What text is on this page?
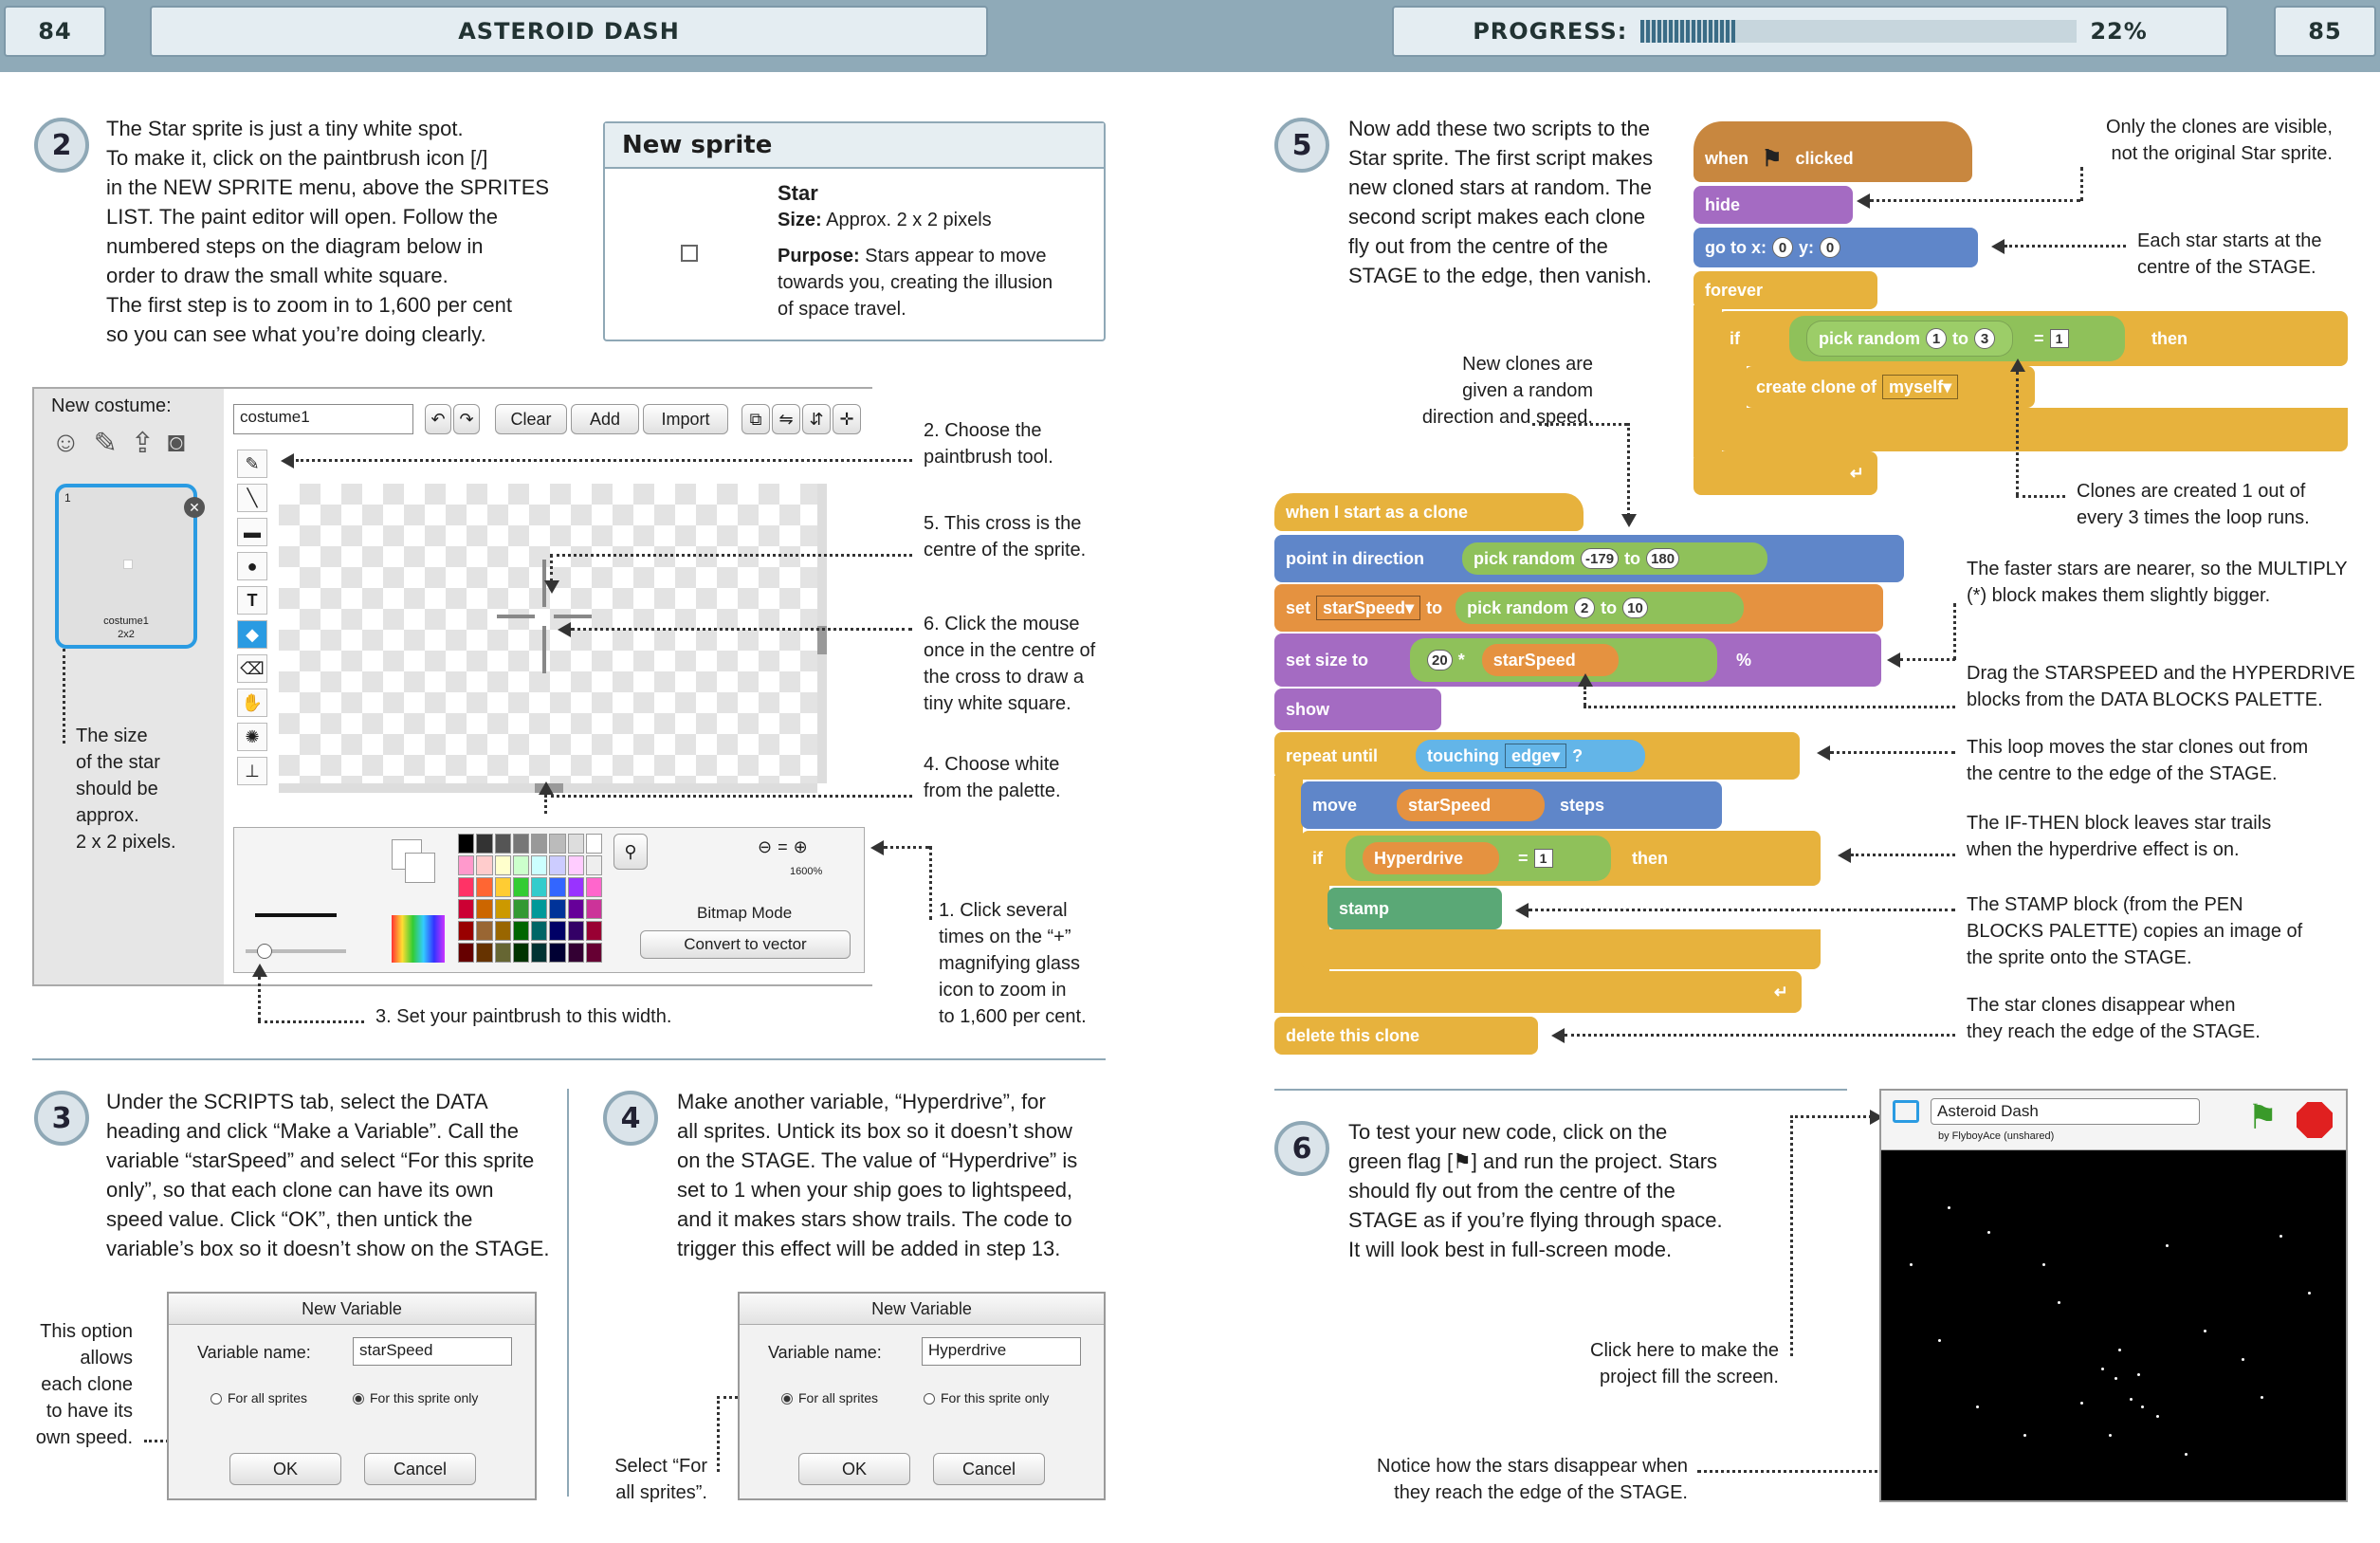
84	ASTEROID DASH	PROGRESS:	22%	85
2	The Star sprite is just a tiny white spot.
To make it, click on the paintbrush icon [/]
in the NEW SPRITE menu, above the SPRITES
LIST. The paint editor will open. Follow the
numbered steps on the diagram below in
order to draw the small white square.
The first step is to zoom in to 1,600 per cent
so you can see what you’re doing clearly.
New sprite
Star
Size: Approx. 2 x 2 pixels
Purpose: Stars appear to move
towards you, creating the illusion
of space travel.
New costume:
☺ ✎ ⇪ ◙
1
costume1
2x2
✕
costume1	↶ ↷	Clear	Add	Import	⧉	⇋ ⇵ ✛
✎
╲
▬
●
T
◆
⌫
✋
✺
⊥
⚲	⊖ = ⊕
1600%
Bitmap Mode
Convert to vector
2. Choose the
paintbrush tool.
5. This cross is the
centre of the sprite.
6. Click the mouse
once in the centre of
the cross to draw a
tiny white square.
4. Choose white
from the palette.
1. Click several
times on the “+”
magnifying glass
icon to zoom in
to 1,600 per cent.
3. Set your paintbrush to this width.
The size
of the star
should be
approx.
2 x 2 pixels.
3	Under the SCRIPTS tab, select the DATA
heading and click “Make a Variable”. Call the
variable “starSpeed” and select “For this sprite
only”, so that each clone can have its own
speed value. Click “OK”, then untick the
variable’s box so it doesn’t show on the STAGE.
This option
allows
each clone
to have its
own speed.
New Variable
Variable name:	starSpeed
For all sprites	For this sprite only
OK	Cancel
4	Make another variable, “Hyperdrive”, for
all sprites. Untick its box so it doesn’t show
on the STAGE. The value of “Hyperdrive” is
set to 1 when your ship goes to lightspeed,
and it makes stars show trails. The code to
trigger this effect will be added in step 13.
Select “For
all sprites”.
New Variable
Variable name:	Hyperdrive
For all sprites	For this sprite only
OK	Cancel
5	Now add these two scripts to the
Star sprite. The first script makes
new cloned stars at random. The
second script makes each clone
fly out from the centre of the
STAGE to the edge, then vanish.
when ⚑ clicked
hide
go to x: 0 y: 0
forever
if	pick random 1 to 3	= 1	then
create clone of myself ▾
↵
when I start as a clone
point in direction	pick random -179 to 180
set starSpeed ▾ to pick random 2 to 10
set size to	20 * starSpeed	%
show
repeat until	touching edge ▾ ?
move	starSpeed	steps
if	Hyperdrive	= 1	then
stamp
↵
delete this clone
Only the clones are visible,
not the original Star sprite.
Each star starts at the
centre of the STAGE.
New clones are
given a random
direction and speed.
Clones are created 1 out of
every 3 times the loop runs.
The faster stars are nearer, so the MULTIPLY
(*) block makes them slightly bigger.
Drag the STARSPEED and the HYPERDRIVE
blocks from the DATA BLOCKS PALETTE.
This loop moves the star clones out from
the centre to the edge of the STAGE.
The IF-THEN block leaves star trails
when the hyperdrive effect is on.
The STAMP block (from the PEN
BLOCKS PALETTE) copies an image of
the sprite onto the STAGE.
The star clones disappear when
they reach the edge of the STAGE.
6	To test your new code, click on the
green flag [⚑] and run the project. Stars
should fly out from the centre of the
STAGE as if you’re flying through space.
It will look best in full-screen mode.
Click here to make the
project fill the screen.
Notice how the stars disappear when
they reach the edge of the STAGE.
Asteroid Dash
by FlyboyAce (unshared)	⚑
